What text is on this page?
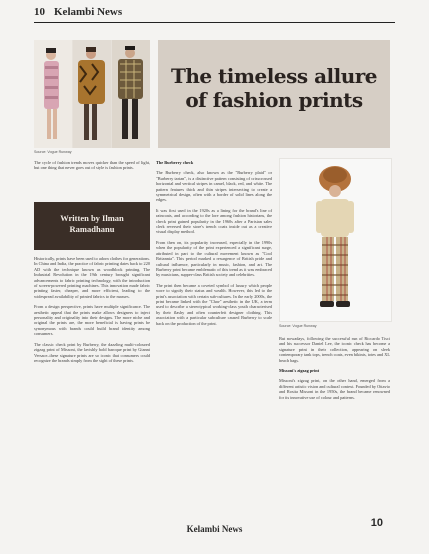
10 Kelambi News
Source: Vogue Runway
The timeless allure of fashion prints

The cycle of fashion trends moves quicker than the speed of light, but one thing that never goes out of style is fashion prints.

Written by Ilman Ramadhanu

Historically, prints have been used to adorn clothes for generations. In China and India, the practice of fabric printing dates back to 220 AD with the technique known as woodblock printing. The Industrial Revolution in the 19th century brought significant advancements to fabric printing technology, with the introduction of screen-powered printing machines. This innovation made fabric printing faster, cheaper, and more efficient, leading to the widespread availability of printed fabrics to the masses.

From a design perspective, prints have multiple significance. The aesthetic appeal that the prints make allows designers to inject personality and originality into their designs. The more niche and original the prints are, the more beneficial is having prints be synonymous with brands could build brand identity among consumers.

The classic check print by Burberry, the dazzling multi-coloured zigzag print of Missoni, the lavishly bold baroque print by Gianni Versace–these signature prints are so iconic that consumers could recognize the brands simply from the sight of these prints.

The Burberry check

The Burberry check, also known as the "Burberry plaid" or "Burberry tartan", is a distinctive pattern consisting of crisscrossed horizontal and vertical stripes in camel, black, red, and white. The pattern features thick and thin stripes intersecting to create a symmetrical design, often with a border of solid lines along the edges.

It was first used in the 1920s as a lining for the brand's line of raincoats, and according to the lore among fashion historians, the check print gained popularity in the 1960s after a Parisian sales clerk reversed their store's trench coats inside out as a creative visual display method.

From then on, its popularity increased, especially in the 1990s when the popularity of the print experienced a significant surge, attributed in part to the cultural movement known as "Cool Britannia". This period marked a resurgence of British pride and cultural influence, particularly in music, fashion, and art. The Burberry print became emblematic of this trend as it was embraced by musicians, supper-class British society and celebrities.

The print then became a coveted symbol of luxury which people wore to signify their status and wealth. However, this led to the print's association with certain sub-cultures. In the early 2000s, the print became linked with the "Chav" aesthetic in the UK, a term used to describe a stereotypical working-class youth characterised by their flashy and often counterfeit designer clothing. This association with a particular subculture caused Burberry to scale back on the production of the print.

Source: Vogue Runway

But nowadays, following the successful run of Riccardo Tisci and his successor Daniel Lee, the iconic check has become a signature print in their collection, appearing on sleek contemporary tank tops, trench coats, even bikinis, totes and XL beach bags.

Missoni's zigzag print

Missoni's zigzag print, on the other hand, emerged from a different artistic vision and cultural context. Founded by Ottavio and Rosita Missoni in the 1950s, the brand became renowned for its innovative use of colour and patterns.

Kelambi News	10
